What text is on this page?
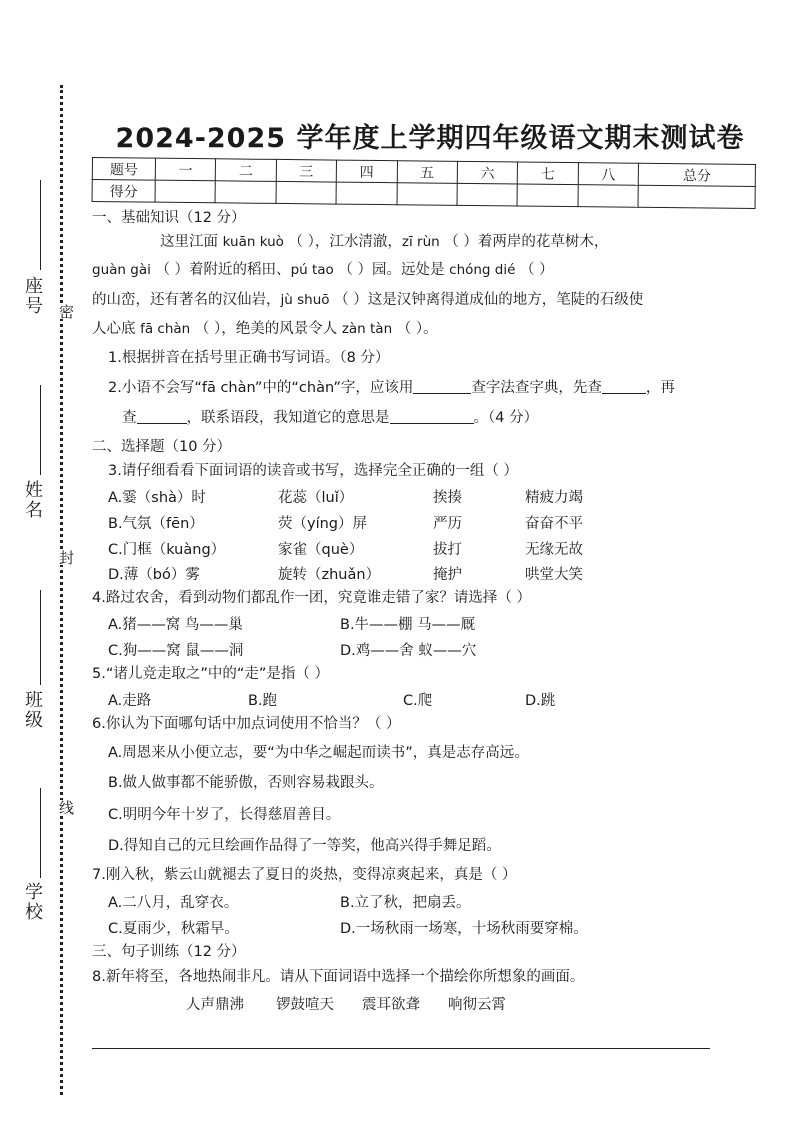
座号
姓名
班级
学校
密
封
线
2024-2025 学年度上学期四年级语文期末测试卷
题号	一	二	三	四	五	六	七	八	总分
得分									
一、基础知识（12 分）
这里江面 kuān kuò （ ），江水清澈，zī rùn （ ）着两岸的花草树木，
guàn gài （ ）着附近的稻田、pú tao （ ）园。远处是 chóng dié （ ）
的山峦，还有著名的汉仙岩，jù shuō （ ）这是汉钟离得道成仙的地方，笔陡的石级使
人心底 fā chàn （ ），绝美的风景令人 zàn tàn （ ）。
1.根据拼音在括号里正确书写词语。（8 分）
2.小语不会写“fā chàn”中的“chàn”字，应该用	查字法查字典，先查	，再
查	，联系语段，我知道它的意思是	。（4 分）
二、选择题（10 分）
3.请仔细看看下面词语的读音或书写，选择完全正确的一组（ ）
A.霎（shà）时	花蕊（luǐ）	挨揍	精疲力竭
B.气氛（fēn）	荧（yíng）屏	严历	奋奋不平
C.门框（kuàng）	家雀（què）	拔打	无缘无故
D.薄（bó）雾	旋转（zhuǎn）	掩护	哄堂大笑
4.路过农舍，看到动物们都乱作一团，究竟谁走错了家？请选择（ ）
A.猪——窝 鸟——巢	B.牛——棚 马——厩
C.狗——窝 鼠——洞	D.鸡——舍 蚁——穴
5.“诸儿竞走取之”中的“走”是指（ ）
A.走路	B.跑	C.爬	D.跳
6.你认为下面哪句话中加点词使用不恰当？（ ）
A.周恩来从小便立志，要“为中华之崛起而读书”，真是志存高远。
B.做人做事都不能骄傲，否则容易栽跟头。
C.明明今年十岁了，长得慈眉善目。
D.得知自己的元旦绘画作品得了一等奖，他高兴得手舞足蹈。
7.刚入秋，紫云山就褪去了夏日的炎热，变得凉爽起来，真是（ ）
A.二八月，乱穿衣。	B.立了秋，把扇丢。
C.夏雨少，秋霜早。	D.一场秋雨一场寒，十场秋雨要穿棉。
三、句子训练（12 分）
8.新年将至，各地热闹非凡。请从下面词语中选择一个描绘你所想象的画面。
人声鼎沸 锣鼓喧天 震耳欲聋 响彻云霄
